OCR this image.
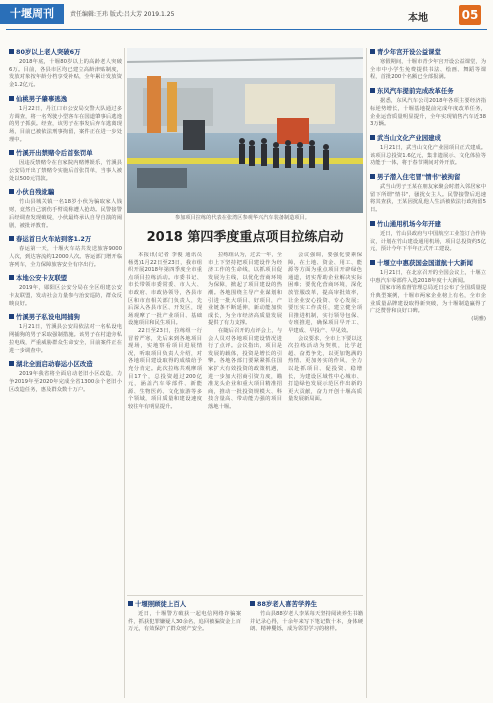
十堰周刊	责任编辑:王玮 版式:吕大芳 2019.1.25	本地	05
80岁以上老人突破6万

2018年底，十堰80岁以上的高龄老人突破6万。目前，各县市区均已建立高龄津贴制度，发放对象按年龄分档享受补贴，全年累计发放资金1.2亿元。

仙桃男子肇事逃逸

1月22日，丹江口市公安局交警大队通过多方调查，将一名驾驶小型客车在国道肇事后逃逸的男子抓获。经查，该男子在事发后弃车逃离现场，目前已被依法刑事拘留，案件正在进一步处理中。

竹溪开出禁赌令后首张罚单

因违反禁赌令在自家院内赌博娱乐，竹溪县公安局开出了禁赌令实施后首张罚单，当事人被处以500元罚款。

小伙自残讹騙

竹山县城关镇一名18岁小伙为骗取家人钱财，竟然自己割伤手臂谎称遭人抢劫。民警接警后经调查发现破绽，小伙最终承认自导自演的闹剧，被批评教育。

春运首日火车站到客1.2万

春运第一天，十堰火车站共发送旅客9000人次，到达客流约12000人次。客运部门增开临客列车，全力保障旅客安全有序出行。

本地公安卡友联盟

2019年，郧阳区公安分局在全区组建公安卡友联盟，发动社会力量参与治安巡防，群众反映良好。

竹溪男子私设电网捕狗

1月21日，竹溪县公安局依法对一名私设电网捕狗的男子采取强制措施。该男子在村道旁私拉电线，严重威胁群众生命安全，目前案件正在进一步调查中。

湖北全面启动春运小区改造

2019年我省将全面启动老旧小区改造，力争2019年至2020年完成全省1300余个老旧小区改造任务，惠及群众数十万户。

青少年宫开设公益课堂

寒假期间，十堰市青少年宫开设公益课堂，为全市中小学生免费提供书法、绘画、舞蹈等课程，首批200个名额已全部报满。

东风汽车提前完成改革任务

据悉，东风汽车公司2018年各项主要经济指标逆势增长，十堰基地提前完成年度改革任务，企业运营质量明显提升，全年实现销售汽车近383万辆。

武当山文化产业园建成

1月21日，武当山文化产业园项目正式建成。该项目总投资1.6亿元，集非遗展示、文化体验等功能于一体，将于春节期间对外开放。

男子潜入住宅冒"情书"被拘留

武当山男子王某在朋友家聚会时潜入邻居家中留下所谓"情书"，骚扰女主人。民警接警后迅速将其查获，王某因扰乱他人生活被依法行政拘留5日。

竹山通用机场今年开建

近日，竹山县政府与中国航空工业签订合作协议，计划在竹山建设通用机场，项目总投资约5亿元，预计今年下半年正式开工建设。

十堰立中惠获国金国道航十大新闻

1月21日，在北京召开的全国会议上，十堰立中惠汽车零部件入选2018年度十大新闻。

国家市场监督管理总局近日公布了全国质量提升典型案例，十堰市两家企业榜上有名，全市企业质量品牌建设取得新突破，为十堰制造赢得了广泛赞誉和良好口碑。

(胡雅)

参加项目拉练的代表在张湾区参观华兴汽车装备制造项目。
2018 第四季度重点项目拉练启动

本报讯(记者 李俊 通讯员 杨勇)1月22日至23日，我市组织开展2018年第四季度全市重点项目拉练活动。市委书记、市长带领市委常委、市人大、市政府、市政协领导，各县市区和市直相关部门负责人，先后深入各县市区、开发区，现场观摩了一批产业项目、基础设施项目和民生项目。

22日至23日，拉练组一行冒着严寒，先后来到各地项目现场，实地察看项目进展情况，听取项目负责人介绍，对各地项目建设取得的成绩给予充分肯定。此次拉练共观摩项目17个，总投资超过200亿元，涵盖汽车零部件、新能源、生物医药、文化旅游等多个领域，项目质量和建设速度较往年有明显提升。

拉练组认为，过去一年，全市上下坚持把项目建设作为经济工作的生命线，以抓项目促发展为主线，以优化营商环境为保障，掀起了项目建设的热潮。各地围绕主导产业谋划和引进一批大项目、好项目，产业链条不断延伸，新动能加快成长，为全市经济高质量发展提供了有力支撑。

在随后召开的点评会上，与会人员对各地项目建设情况进行了点评。会议指出，项目是发展的载体，投资是增长的引擎。各地各部门要紧紧抓住国家扩大有效投资的政策机遇，进一步加大招商引资力度，瞄准龙头企业和重大项目精准招商，推动一批投资规模大、科技含量高、带动能力强的项目落地十堰。

会议强调，要强化要素保障，在土地、资金、用工、能源等方面为重点项目开辟绿色通道，切实帮助企业解决实际困难；要优化营商环境，深化放管服改革，提高审批效率，让企业安心投资、专心发展；要压实工作责任，建立健全项目推进机制，实行领导包保、专班推进，确保项目早开工、早建成、早投产、早见效。

会议要求，全市上下要以这次拉练活动为契机，比学赶超、奋勇争先，以更加饱满的热情、更加务实的作风，全力以赴抓项目、促投资、稳增长，为建设区域性中心城市、打造绿色发展示范区作出新的更大贡献，奋力开创十堰高质量发展新局面。

十堰照顾徒上百人

近日，十堰警方破获一起电信网络诈骗案件，抓获犯罪嫌疑人30余名，追回被骗资金上百万元，有效保护了群众财产安全。

88岁老人喜苦学养生

竹山县88岁老人李某每天坚持阅读养生书籍并记录心得，十余年来写下笔记数十本，身体硬朗、精神矍铄，成为邻里学习的榜样。
